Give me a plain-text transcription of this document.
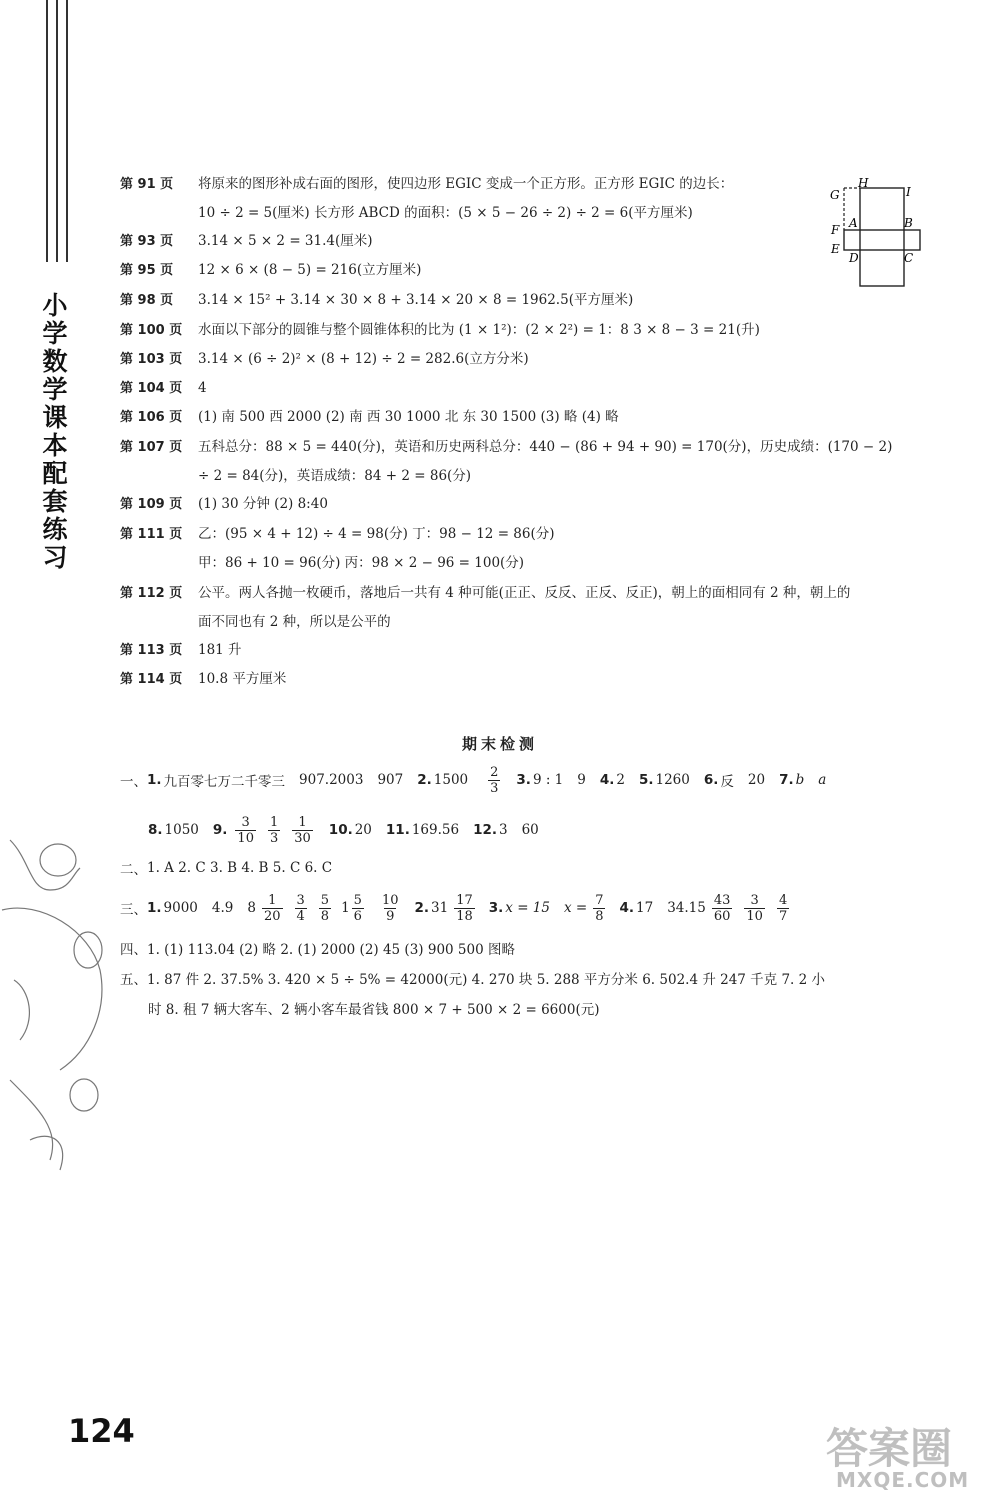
小
学
数
学
课
本
配
套
练
习
第 91 页 将原来的图形补成右面的图形，使四边形 EGIC 变成一个正方形。正方形 EGIC 的边长：
10 ÷ 2 = 5(厘米) 长方形 ABCD 的面积：(5 × 5 − 26 ÷ 2) ÷ 2 = 6(平方厘米)
第 93 页 3.14 × 5 × 2 = 31.4(厘米)
第 95 页 12 × 6 × (8 − 5) = 216(立方厘米)
第 98 页 3.14 × 15² + 3.14 × 30 × 8 + 3.14 × 20 × 8 = 1962.5(平方厘米)
第 100 页 水面以下部分的圆锥与整个圆锥体积的比为 (1 × 1²)：(2 × 2²) = 1：8 3 × 8 − 3 = 21(升)
第 103 页 3.14 × (6 ÷ 2)² × (8 + 12) ÷ 2 = 282.6(立方分米)
第 104 页 4
第 106 页 (1) 南 500 西 2000 (2) 南 西 30 1000 北 东 30 1500 (3) 略 (4) 略
第 107 页 五科总分：88 × 5 = 440(分)，英语和历史两科总分：440 − (86 + 94 + 90) = 170(分)，历史成绩：(170 − 2)
÷ 2 = 84(分)，英语成绩：84 + 2 = 86(分)
第 109 页 (1) 30 分钟 (2) 8:40
第 111 页 乙：(95 × 4 + 12) ÷ 4 = 98(分) 丁：98 − 12 = 86(分)
甲：86 + 10 = 96(分) 丙：98 × 2 − 96 = 100(分)
第 112 页 公平。两人各抛一枚硬币，落地后一共有 4 种可能(正正、反反、正反、反正)，朝上的面相同有 2 种，朝上的
面不同也有 2 种，所以是公平的
第 113 页 181 升
第 114 页 10.8 平方厘米
G
H
I
A	B
F
E
D	C
期末检测
一、 1. 九百零七万二千零三 907.2003 907 2. $1500 \frac{2}{3} 3$. 9 : 1 9 4. 2 5. 1260 6. 反 20 7. b a
8. 1050 9. $\frac{3}{10} \frac{1}{3} \frac{1}{30} 10$. 20 11. 169.56 12. 3 60
二、 1. A 2. C 3. B 4. B 5. C 6. C
三、 1. 9000 4.9 $8 \frac{1}{20} \frac{3}{4} \frac{5}{8} 1 \frac{5}{6} \frac{10}{9} 2$. $31 \frac{17}{18} 3$. x = 15 $x = \frac{7}{8} 4$. 17 $34.15 \frac{43}{60} \frac{3}{10} \frac{4}{7}$
四、 1. (1) 113.04 (2) 略 2. (1) 2000 (2) 45 (3) 900 500 图略
五、 1. 87 件 2. 37.5% 3. 420 × 5 ÷ 5% = 42000(元) 4. 270 块 5. 288 平方分米 6. 502.4 升 247 千克 7. 2 小
时 8. 租 7 辆大客车、2 辆小客车最省钱 800 × 7 + 500 × 2 = 6600(元)
124	答案圈
MXQE.COM
